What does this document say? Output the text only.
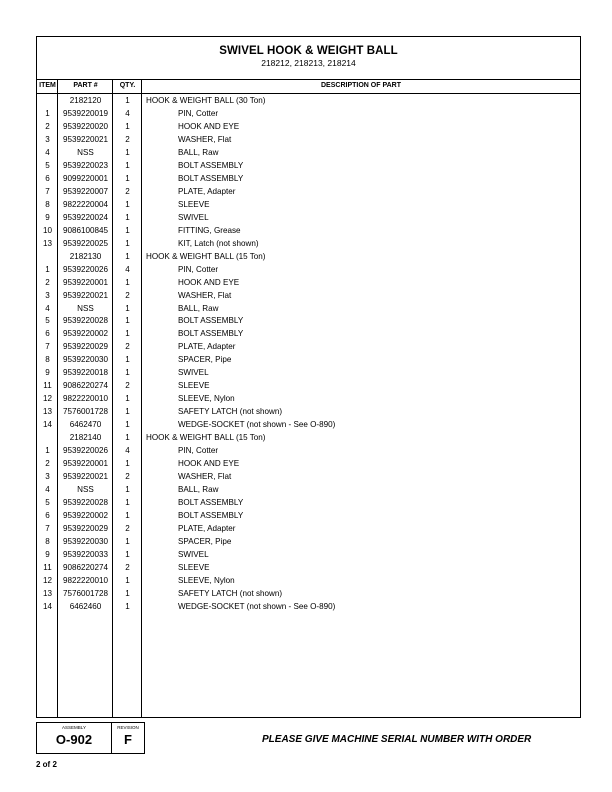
SWIVEL HOOK & WEIGHT BALL
218212, 218213, 218214
ITEM	PART #	QTY.	DESCRIPTION OF PART
2182120	1	HOOK & WEIGHT BALL (30 Ton)
1	9539220019	4	PIN, Cotter
2	9539220020	1	HOOK AND EYE
3	9539220021	2	WASHER, Flat
4	NSS	1	BALL, Raw
5	9539220023	1	BOLT ASSEMBLY
6	9099220001	1	BOLT ASSEMBLY
7	9539220007	2	PLATE, Adapter
8	9822220004	1	SLEEVE
9	9539220024	1	SWIVEL
10	9086100845	1	FITTING, Grease
13	9539220025	1	KIT, Latch (not shown)
2182130	1	HOOK & WEIGHT BALL (15 Ton)
1	9539220026	4	PIN, Cotter
2	9539220001	1	HOOK AND EYE
3	9539220021	2	WASHER, Flat
4	NSS	1	BALL, Raw
5	9539220028	1	BOLT ASSEMBLY
6	9539220002	1	BOLT ASSEMBLY
7	9539220029	2	PLATE, Adapter
8	9539220030	1	SPACER, Pipe
9	9539220018	1	SWIVEL
11	9086220274	2	SLEEVE
12	9822220010	1	SLEEVE, Nylon
13	7576001728	1	SAFETY LATCH (not shown)
14	6462470	1	WEDGE-SOCKET (not shown - See O-890)
2182140	1	HOOK & WEIGHT BALL (15 Ton)
1	9539220026	4	PIN, Cotter
2	9539220001	1	HOOK AND EYE
3	9539220021	2	WASHER, Flat
4	NSS	1	BALL, Raw
5	9539220028	1	BOLT ASSEMBLY
6	9539220002	1	BOLT ASSEMBLY
7	9539220029	2	PLATE, Adapter
8	9539220030	1	SPACER, Pipe
9	9539220033	1	SWIVEL
11	9086220274	2	SLEEVE
12	9822220010	1	SLEEVE, Nylon
13	7576001728	1	SAFETY LATCH (not shown)
14	6462460	1	WEDGE-SOCKET (not shown - See O-890)
ASSEMBLY
O-902
REVISION
F	PLEASE GIVE MACHINE SERIAL NUMBER WITH ORDER
2 of 2
